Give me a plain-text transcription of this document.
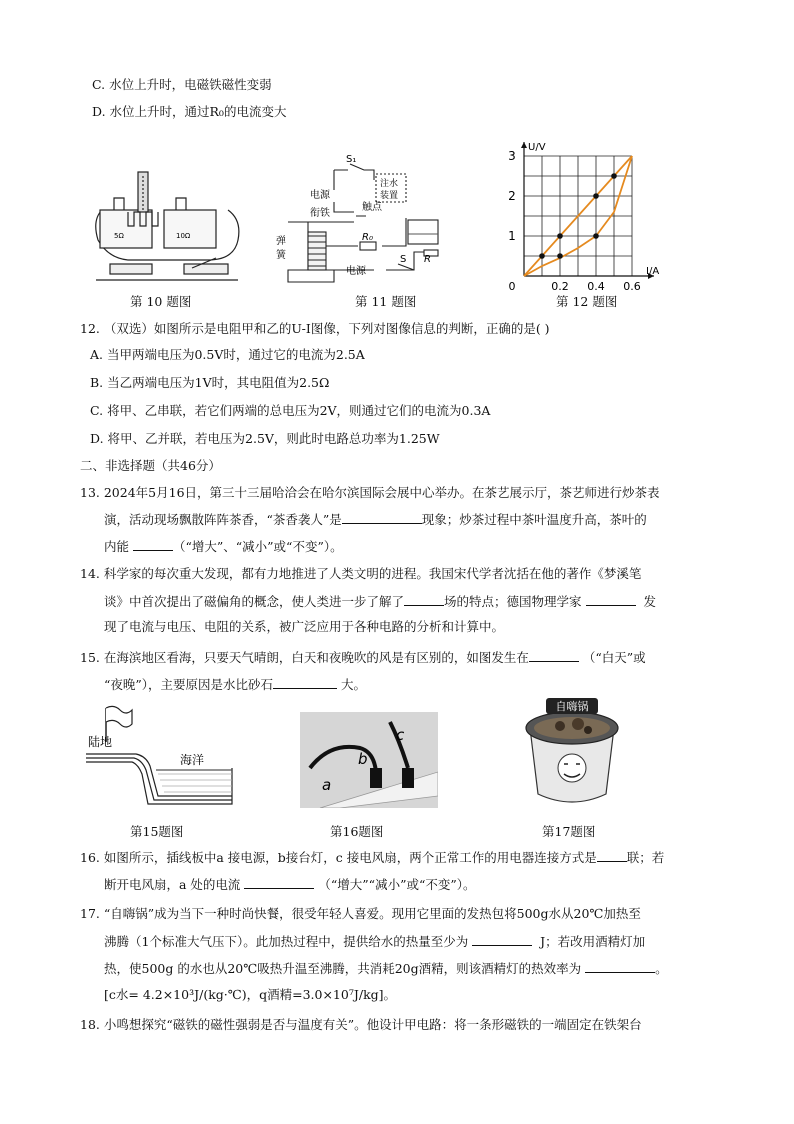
C. 水位上升时，电磁铁磁性变弱
D. 水位上升时，通过R₀的电流变大
5Ω	10Ω
第 10 题图
S₁
电源
注水
装置
衔铁
触点
弹
簧
R₀
R
电源
S
第 11 题图
0.2 0.4 0.6
1
2
3
0
U/V
I/A
第 12 题图
12. （双选）如图所示是电阻甲和乙的U-I图像，下列对图像信息的判断，正确的是( )
A. 当甲两端电压为0.5V时，通过它的电流为2.5A
B. 当乙两端电压为1V时，其电阻值为2.5Ω
C. 将甲、乙串联，若它们两端的总电压为2V，则通过它们的电流为0.3A
D. 将甲、乙并联，若电压为2.5V，则此时电路总功率为1.25W
二、非选择题（共46分）
13. 2024年5月16日，第三十三届哈洽会在哈尔滨国际会展中心举办。在茶艺展示厅，茶艺师进行炒茶表
演，活动现场飘散阵阵茶香，“茶香袭人”是	现象；炒茶过程中茶叶温度升高，茶叶的
内能	（“增大”、“减小”或“不变”）。
14. 科学家的每次重大发现，都有力地推进了人类文明的进程。我国宋代学者沈括在他的著作《梦溪笔
谈》中首次提出了磁偏角的概念，使人类进一步了解了	场的特点；德国物理学家	发
现了电流与电压、电阻的关系，被广泛应用于各种电路的分析和计算中。
15. 在海滨地区看海，只要天气晴朗，白天和夜晚吹的风是有区别的，如图发生在	（“白天”或
“夜晚”），主要原因是水比砂石	大。
陆地
海洋
第15题图
a
b
c
第16题图
自嗨锅
第17题图
16. 如图所示，插线板中a 接电源，b接台灯，c 接电风扇，两个正常工作的用电器连接方式是 联；若
断开电风扇，a 处的电流	（“增大”“减小”或“不变”）。
17. “自嗨锅”成为当下一种时尚快餐，很受年轻人喜爱。现用它里面的发热包将500g水从20℃加热至
沸腾（1个标准大气压下）。此加热过程中，提供给水的热量至少为	J；若改用酒精灯加
热，使500g 的水也从20℃吸热升温至沸腾，共消耗20g酒精，则该酒精灯的热效率为	。
[c水= 4.2×10³J/(kg·℃)，q酒精=3.0×10⁷J/kg]。
18. 小鸣想探究“磁铁的磁性强弱是否与温度有关”。他设计甲电路：将一条形磁铁的一端固定在铁架台
